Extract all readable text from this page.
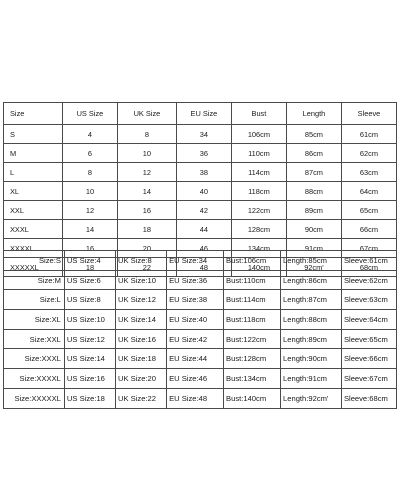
Size	US Size	UK Size	EU Size	Bust	Length	Sleeve
S	4	8	34	106cm	85cm	61cm
M	6	10	36	110cm	86cm	62cm
L	8	12	38	114cm	87cm	63cm
XL	10	14	40	118cm	88cm	64cm
XXL	12	16	42	122cm	89cm	65cm
XXXL	14	18	44	128cm	90cm	66cm
XXXXL	16	20	46	134cm	91cm	67cm
XXXXXL	18	22	48	140cm	92cm'	68cm
Size:S	US Size:4	UK Size:8	EU Size:34	Bust:106cm	Length:85cm	Sleeve:61cm
Size:M	US Size:6	UK Size:10	EU Size:36	Bust:110cm	Length:86cm	Sleeve:62cm
Size:L	US Size:8	UK Size:12	EU Size:38	Bust:114cm	Length:87cm	Sleeve:63cm
Size:XL	US Size:10	UK Size:14	EU Size:40	Bust:118cm	Length:88cm	Sleeve:64cm
Size:XXL	US Size:12	UK Size:16	EU Size:42	Bust:122cm	Length:89cm	Sleeve:65cm
Size:XXXL	US Size:14	UK Size:18	EU Size:44	Bust:128cm	Length:90cm	Sleeve:66cm
Size:XXXXL	US Size:16	UK Size:20	EU Size:46	Bust:134cm	Length:91cm	Sleeve:67cm
Size:XXXXXL	US Size:18	UK Size:22	EU Size:48	Bust:140cm	Length:92cm'	Sleeve:68cm
